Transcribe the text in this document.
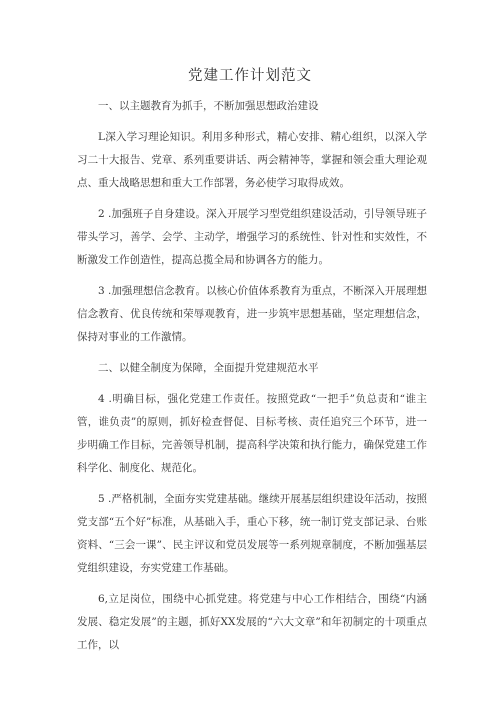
党建工作计划范文

一、以主题教育为抓手，不断加强思想政治建设

L深入学习理论知识。利用多种形式，精心安排、精心组织，以深入学习二十大报告、党章、系列重要讲话、两会精神等，掌握和领会重大理论观点、重大战略思想和重大工作部署，务必使学习取得成效。

2 .加强班子自身建设。深入开展学习型党组织建设活动，引导领导班子带头学习，善学、会学、主动学，增强学习的系统性、针对性和实效性，不断激发工作创造性，提高总揽全局和协调各方的能力。

3 .加强理想信念教育。以核心价值体系教育为重点，不断深入开展理想信念教育、优良传统和荣辱观教育，进一步筑牢思想基础，坚定理想信念，保持对事业的工作激情。

二、以健全制度为保障，全面提升党建规范水平

4 .明确目标，强化党建工作责任。按照党政“一把手”负总责和“谁主管，谁负责”的原则，抓好检查督促、目标考核、责任追究三个环节，进一步明确工作目标，完善领导机制，提高科学决策和执行能力，确保党建工作科学化、制度化、规范化。

5 .严格机制，全面夯实党建基础。继续开展基层组织建设年活动，按照党支部“五个好”标准，从基础入手，重心下移，统一制订党支部记录、台账资料、“三会一课”、民主评议和党员发展等一系列规章制度，不断加强基层党组织建设，夯实党建工作基础。

6,立足岗位，围绕中心抓党建。将党建与中心工作相结合，围绕“内涵发展、稳定发展”的主题，抓好XX发展的“六大文章”和年初制定的十项重点工作，以
